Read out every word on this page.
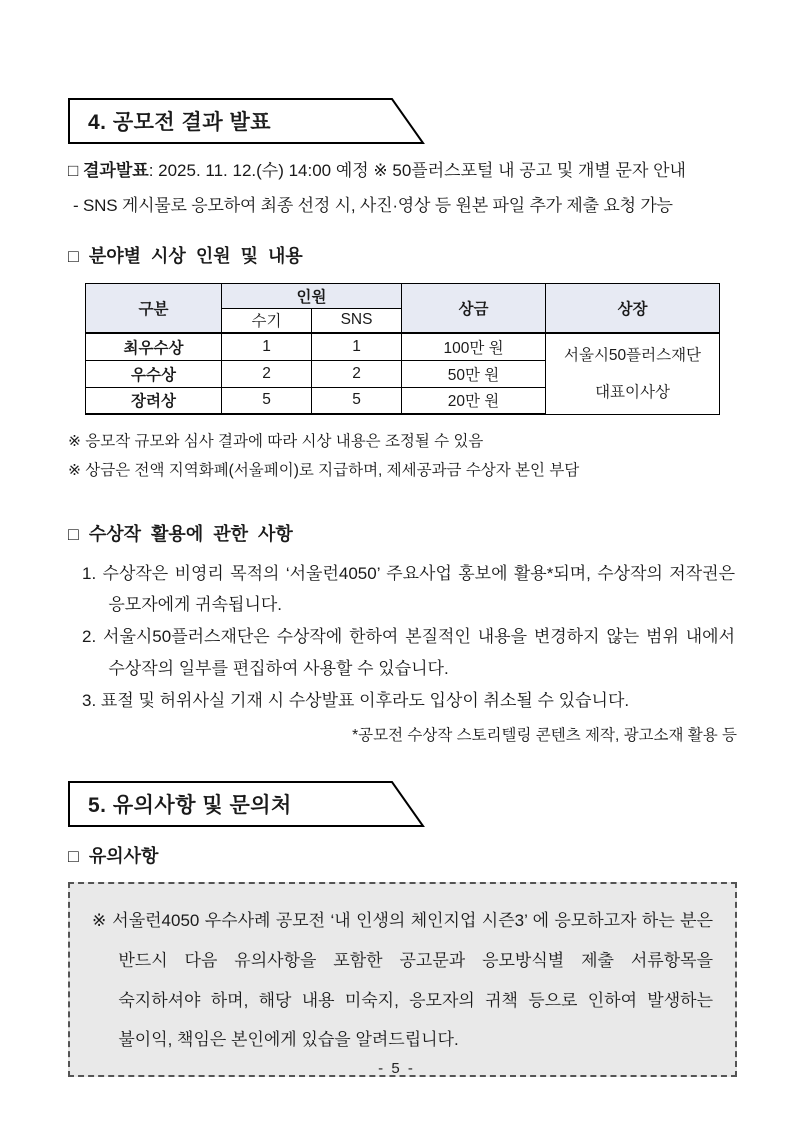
4. 공모전 결과 발표
□ 결과발표: 2025. 11. 12.(수) 14:00 예정 ※ 50플러스포털 내 공고 및 개별 문자 안내
- SNS 게시물로 응모하여 최종 선정 시, 사진·영상 등 원본 파일 추가 제출 요청 가능
□ 분야별 시상 인원 및 내용
구분	인원		상금	상장
	수기	SNS		
최우수상	1	1	100만 원	서울시50플러스재단
대표이사상

우수상	2	2	50만 원	
장려상	5	5	20만 원	
※ 응모작 규모와 심사 결과에 따라 시상 내용은 조정될 수 있음
※ 상금은 전액 지역화폐(서울페이)로 지급하며, 제세공과금 수상자 본인 부담
□ 수상작 활용에 관한 사항
1. 수상작은 비영리 목적의 ‘서울런4050’ 주요사업 홍보에 활용*되며, 수상작의 저작권은 응모자에게 귀속됩니다.
2. 서울시50플러스재단은 수상작에 한하여 본질적인 내용을 변경하지 않는 범위 내에서 수상작의 일부를 편집하여 사용할 수 있습니다.
3. 표절 및 허위사실 기재 시 수상발표 이후라도 입상이 취소될 수 있습니다.
*공모전 수상작 스토리텔링 콘텐츠 제작, 광고소재 활용 등
5. 유의사항 및 문의처
□ 유의사항
※ 서울런4050 우수사례 공모전 ‘내 인생의 체인지업 시즌3’ 에 응모하고자 하는 분은 반드시 다음 유의사항을 포함한 공고문과 응모방식별 제출 서류항목을 숙지하셔야 하며, 해당 내용 미숙지, 응모자의 귀책 등으로 인하여 발생하는 불이익, 책임은 본인에게 있습을 알려드립니다.
- 5 -
